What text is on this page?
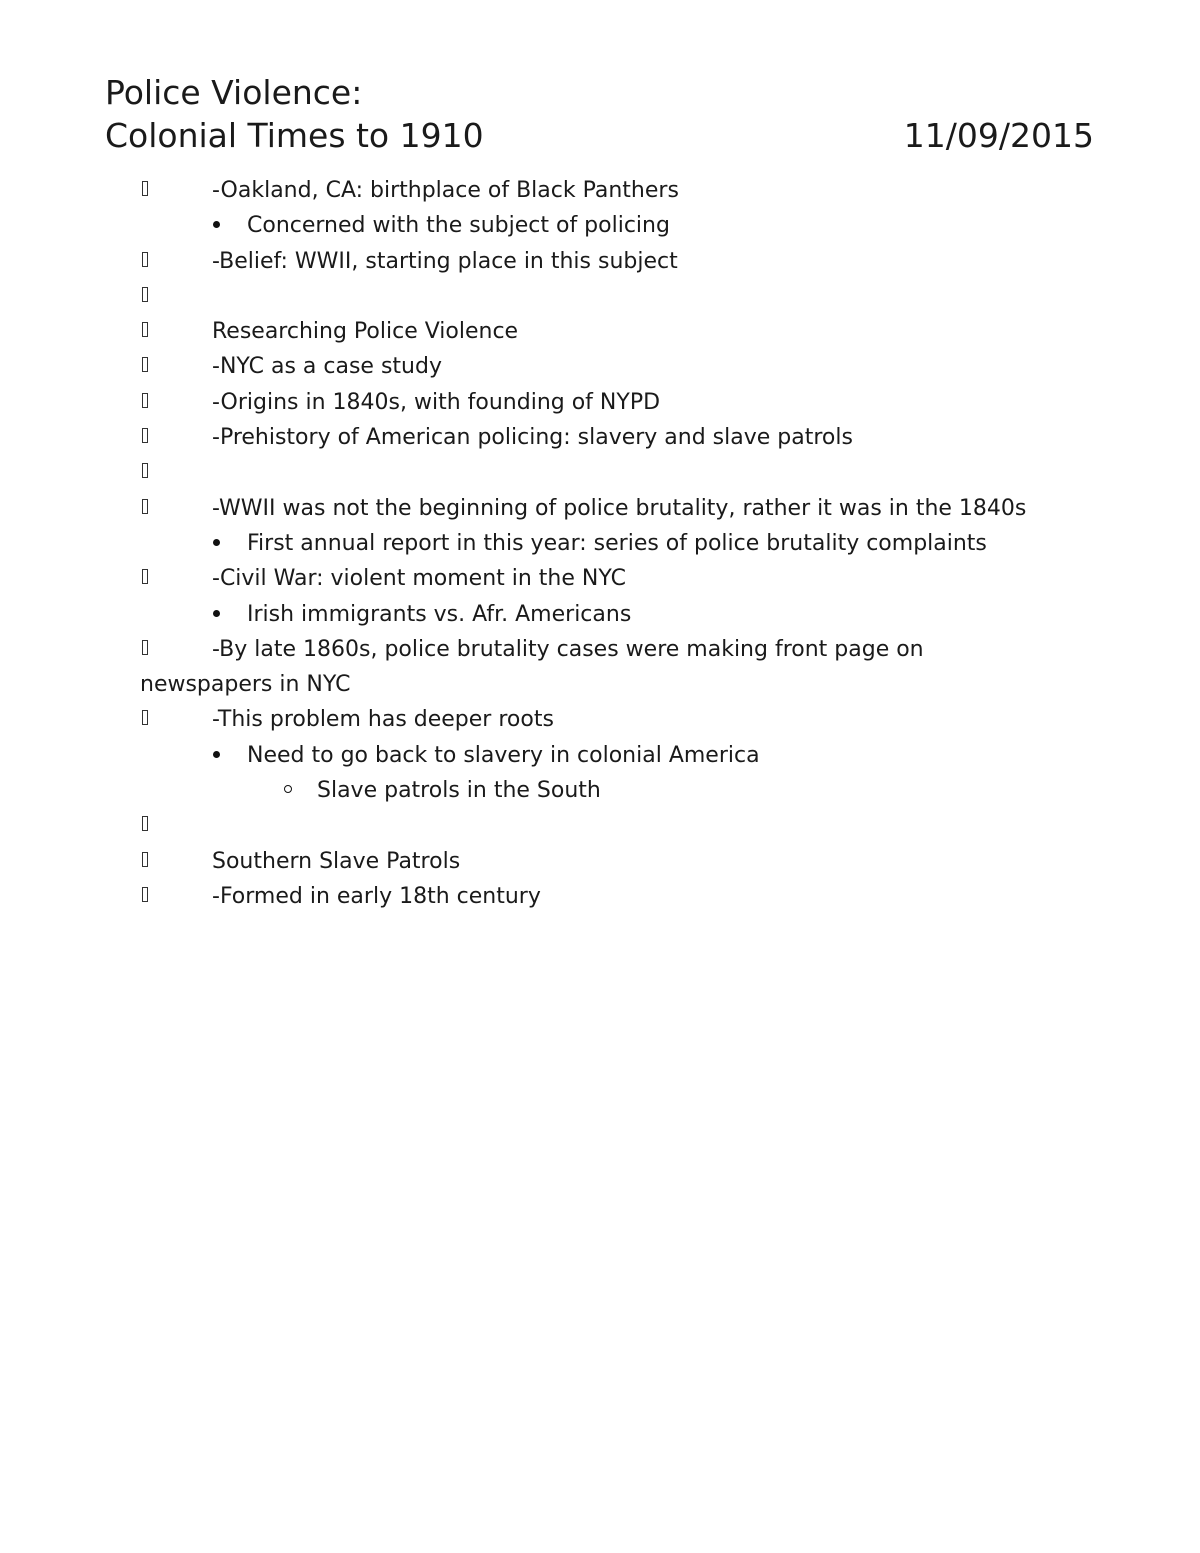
Police Violence:
Colonial Times to 1910	11/09/2015
-Oakland, CA: birthplace of Black Panthers
Concerned with the subject of policing
-Belief: WWII, starting place in this subject
Researching Police Violence
-NYC as a case study
-Origins in 1840s, with founding of NYPD
-Prehistory of American policing: slavery and slave patrols
-WWII was not the beginning of police brutality, rather it was in the 1840s
First annual report in this year: series of police brutality complaints
-Civil War: violent moment in the NYC
Irish immigrants vs. Afr. Americans
-By late 1860s, police brutality cases were making front page on newspapers in NYC
-This problem has deeper roots
Need to go back to slavery in colonial America
Slave patrols in the South
Southern Slave Patrols
-Formed in early 18th century
